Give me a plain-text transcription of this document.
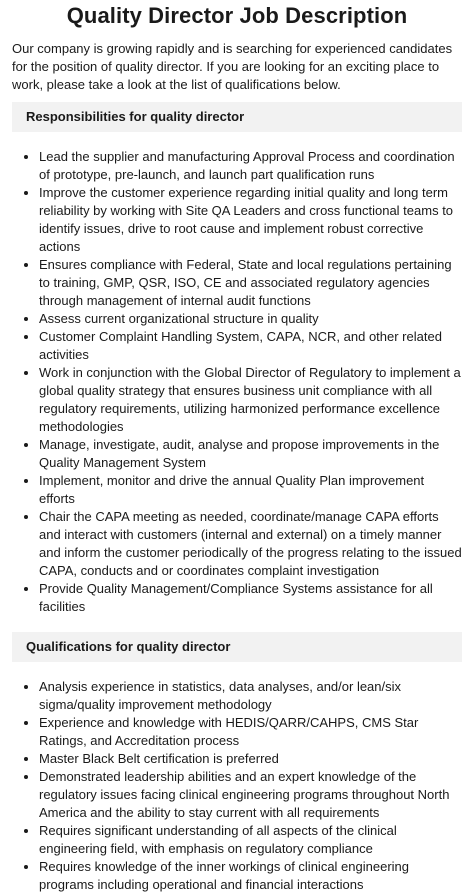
Quality Director Job Description

Our company is growing rapidly and is searching for experienced candidates for the position of quality director. If you are looking for an exciting place to work, please take a look at the list of qualifications below.

Responsibilities for quality director
• Lead the supplier and manufacturing Approval Process and coordination of prototype, pre-launch, and launch part qualification runs
• Improve the customer experience regarding initial quality and long term reliability by working with Site QA Leaders and cross functional teams to identify issues, drive to root cause and implement robust corrective actions
• Ensures compliance with Federal, State and local regulations pertaining to training, GMP, QSR, ISO, CE and associated regulatory agencies through management of internal audit functions
• Assess current organizational structure in quality
• Customer Complaint Handling System, CAPA, NCR, and other related activities
• Work in conjunction with the Global Director of Regulatory to implement a global quality strategy that ensures business unit compliance with all regulatory requirements, utilizing harmonized performance excellence methodologies
• Manage, investigate, audit, analyse and propose improvements in the Quality Management System
• Implement, monitor and drive the annual Quality Plan improvement efforts
• Chair the CAPA meeting as needed, coordinate/manage CAPA efforts and interact with customers (internal and external) on a timely manner and inform the customer periodically of the progress relating to the issued CAPA, conducts and or coordinates complaint investigation
• Provide Quality Management/Compliance Systems assistance for all facilities
Qualifications for quality director
• Analysis experience in statistics, data analyses, and/or lean/six sigma/quality improvement methodology
• Experience and knowledge with HEDIS/QARR/CAHPS, CMS Star Ratings, and Accreditation process
• Master Black Belt certification is preferred
• Demonstrated leadership abilities and an expert knowledge of the regulatory issues facing clinical engineering programs throughout North America and the ability to stay current with all requirements
• Requires significant understanding of all aspects of the clinical engineering field, with emphasis on regulatory compliance
• Requires knowledge of the inner workings of clinical engineering programs including operational and financial interactions
